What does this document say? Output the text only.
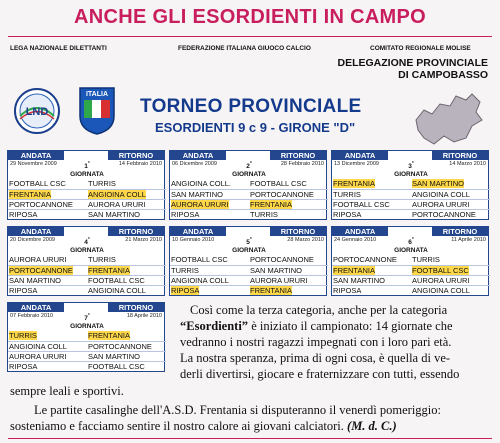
ANCHE GLI ESORDIENTI IN CAMPO
LEGA NAZIONALE DILETTANTI	FEDERAZIONE ITALIANA GIUOCO CALCIO	COMITATO REGIONALE MOLISE
DELEGAZIONE PROVINCIALE
DI CAMPOBASSO
LND
ITALIA
TORNEO PROVINCIALE
ESORDIENTI 9 c 9 - GIRONE "D"
ANDATA	RITORNO
29 Novembre 2009	14 Febbraio 2010
1°
GIORNATA
FOOTBALL CSC	TURRIS
FRENTANIA	ANGIOINA COLL
PORTOCANNONE	AURORA URURI
RIPOSA	SAN MARTINO
ANDATA	RITORNO
06 Dicembre 2009	28 Febbraio 2010
2°
GIORNATA
ANGIOINA COLL.	FOOTBALL CSC
SAN MARTINO	PORTOCANNONE
AURORA URURI	FRENTANIA
RIPOSA	TURRIS
ANDATA	RITORNO
13 Dicembre 2009	14 Marzo 2010
3°
GIORNATA
FRENTANIA	SAN MARTINO
TURRIS	ANGIOINA COLL
FOOTBALL CSC	AURORA URURI
RIPOSA	PORTOCANNONE
ANDATA	RITORNO
20 Dicembre 2009	21 Marzo 2010
4°
GIORNATA
AURORA URURI	TURRIS
PORTOCANNONE	FRENTANIA
SAN MARTINO	FOOTBALL CSC
RIPOSA	ANGIOINA COLL
ANDATA	RITORNO
10 Gennaio 2010	28 Marzo 2010
5°
GIORNATA
FOOTBALL CSC	PORTOCANNONE
TURRIS	SAN MARTINO
ANGIOINA COLL	AURORA URURI
RIPOSA	FRENTANIA
ANDATA	RITORNO
24 Gennaio 2010	11 Aprile 2010
6°
GIORNATA
PORTOCANNONE	TURRIS
FRENTANIA	FOOTBALL CSC
SAN MARTINO	AURORA URURI
RIPOSA	ANGIOINA COLL
ANDATA	RITORNO
07 Febbraio 2010	18 Aprile 2010
7°
GIORNATA
TURRIS	FRENTANIA
ANGIOINA COLL	PORTOCANNONE
AURORA URURI	SAN MARTINO
RIPOSA	FOOTBALL CSC
Così come la terza categoria, anche per la categoria
“Esordienti” è iniziato il campionato: 14 giornate che
vedranno i nostri ragazzi impegnati con i loro pari età.
La nostra speranza, prima di ogni cosa, è quella di ve-
derli divertirsi, giocare e fraternizzare con tutti, essendo
sempre leali e sportivi.
Le partite casalinghe dell'A.S.D. Frentania si disputeranno il venerdì pomeriggio:
sosteniamo e facciamo sentire il nostro calore ai giovani calciatori. (M. d. C.)
